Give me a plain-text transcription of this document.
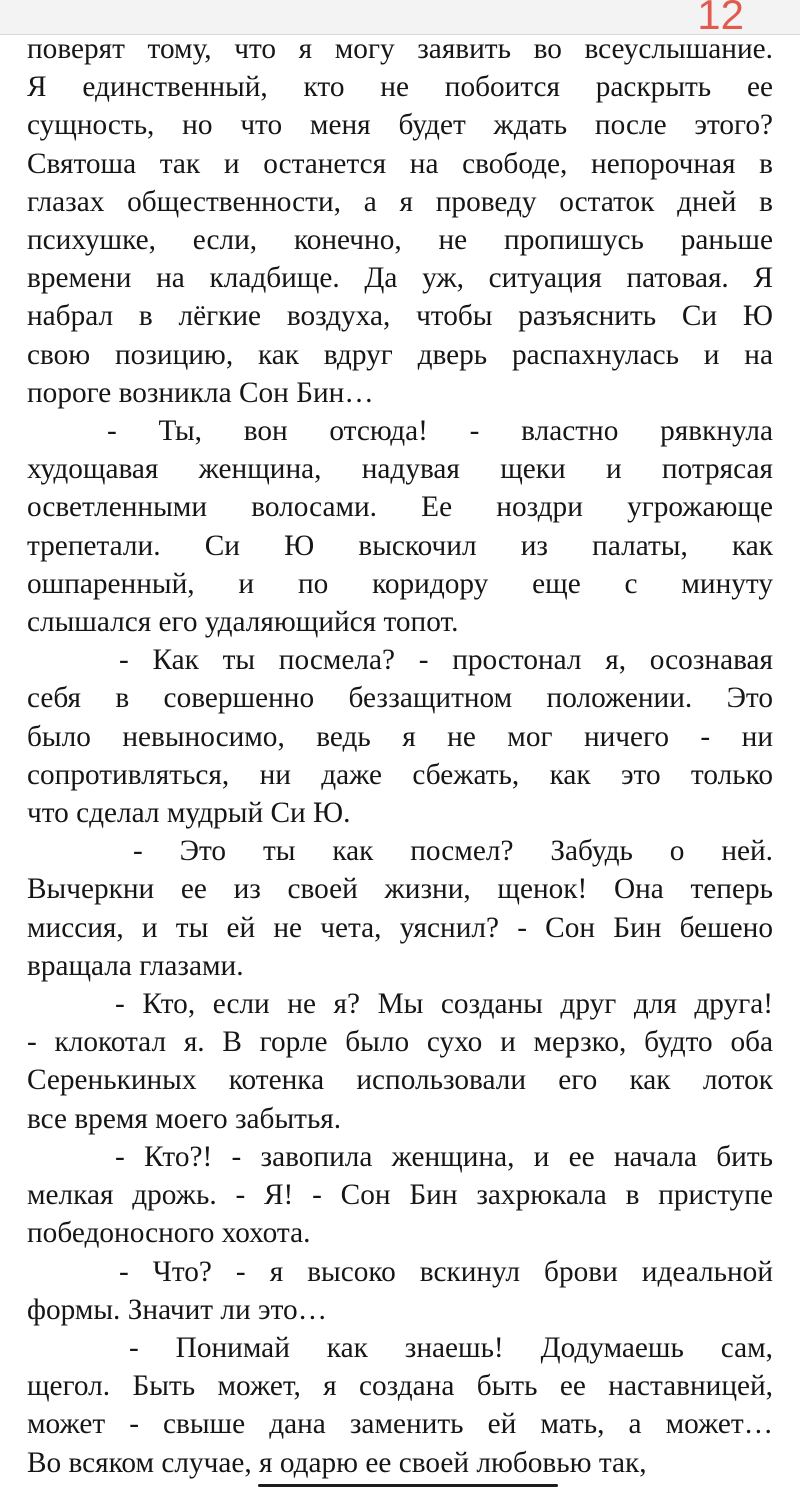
12
поверят тому, что я могу заявить во всеуслышание.
Я единственный, кто не побоится раскрыть ее
сущность, но что меня будет ждать после этого?
Святоша так и останется на свободе, непорочная в
глазах общественности, а я проведу остаток дней в
психушке, если, конечно, не пропишусь раньше
времени на кладбище. Да уж, ситуация патовая. Я
набрал в лёгкие воздуха, чтобы разъяснить Си Ю
свою позицию, как вдруг дверь распахнулась и на
пороге возникла Сон Бин…
- Ты, вон отсюда! - властно рявкнула
худощавая женщина, надувая щеки и потрясая
осветленными волосами. Ее ноздри угрожающе
трепетали. Си Ю выскочил из палаты, как
ошпаренный, и по коридору еще с минуту
слышался его удаляющийся топот.
- Как ты посмела? - простонал я, осознавая
себя в совершенно беззащитном положении. Это
было невыносимо, ведь я не мог ничего - ни
сопротивляться, ни даже сбежать, как это только
что сделал мудрый Си Ю.
- Это ты как посмел? Забудь о ней.
Вычеркни ее из своей жизни, щенок! Она теперь
миссия, и ты ей не чета, уяснил? - Сон Бин бешено
вращала глазами.
- Кто, если не я? Мы созданы друг для друга!
- клокотал я. В горле было сухо и мерзко, будто оба
Серенькиных котенка использовали его как лоток
все время моего забытья.
- Кто?! - завопила женщина, и ее начала бить
мелкая дрожь. - Я! - Сон Бин захрюкала в приступе
победоносного хохота.
- Что? - я высоко вскинул брови идеальной
формы. Значит ли это…
- Понимай как знаешь! Додумаешь сам,
щегол. Быть может, я создана быть ее наставницей,
может - свыше дана заменить ей мать, а может…
Во всяком случае, я одарю ее своей любовью так,
